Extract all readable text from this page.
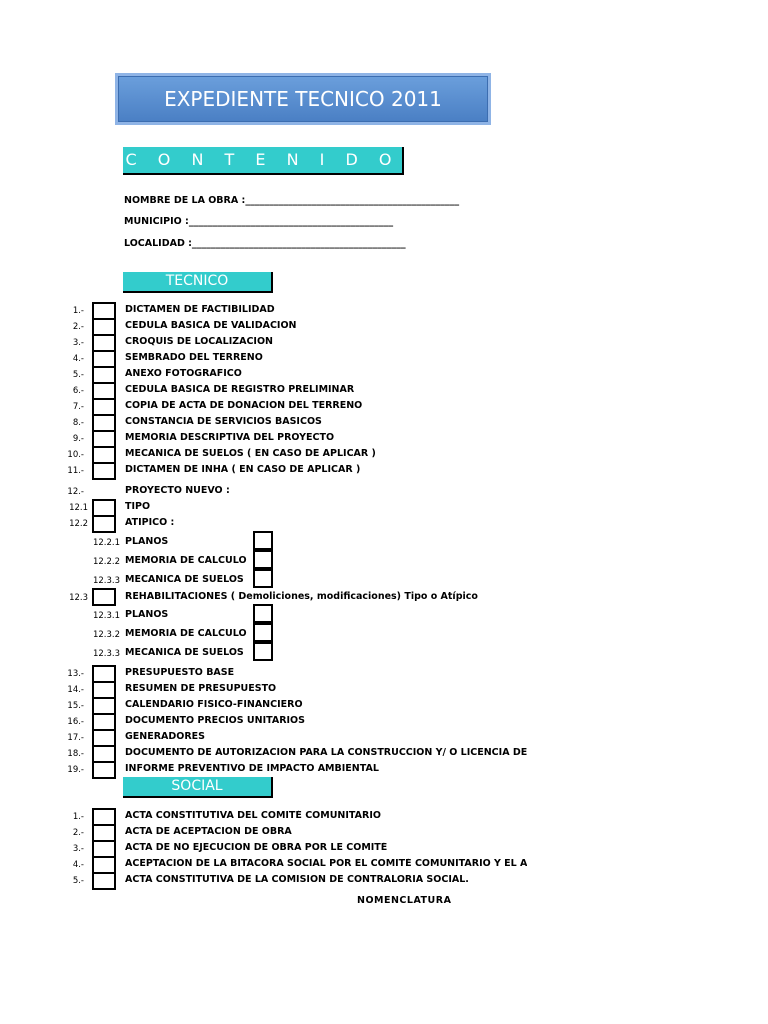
EXPEDIENTE TECNICO 2011
C O N T E N I D O
NOMBRE DE LA OBRA :_____________________________________________
MUNICIPIO :___________________________________________
LOCALIDAD :_____________________________________________
TECNICO
1.-	DICTAMEN DE FACTIBILIDAD
2.-	CEDULA BASICA DE VALIDACION
3.-	CROQUIS DE LOCALIZACION
4.-	SEMBRADO DEL TERRENO
5.-	ANEXO FOTOGRAFICO
6.-	CEDULA BASICA DE REGISTRO PRELIMINAR
7.-	COPIA DE ACTA DE DONACION DEL TERRENO
8.-	CONSTANCIA DE SERVICIOS BASICOS
9.-	MEMORIA DESCRIPTIVA DEL PROYECTO
10.-	MECANICA DE SUELOS ( EN CASO DE APLICAR )
11.-	DICTAMEN DE INHA ( EN CASO DE APLICAR )
12.-	PROYECTO NUEVO :
12.1	TIPO
12.2	ATIPICO :
12.2.1 PLANOS
12.2.2 MEMORIA DE CALCULO
12.3.3 MECANICA DE SUELOS
12.3	REHABILITACIONES ( Demoliciones, modificaciones) Tipo o Atípico
12.3.1 PLANOS
12.3.2 MEMORIA DE CALCULO
12.3.3 MECANICA DE SUELOS
13.-	PRESUPUESTO BASE
14.-	RESUMEN DE PRESUPUESTO
15.-	CALENDARIO FISICO-FINANCIERO
16.-	DOCUMENTO PRECIOS UNITARIOS
17.-	GENERADORES
18.-	DOCUMENTO DE AUTORIZACION PARA LA CONSTRUCCION Y/ O LICENCIA DE
19.-	INFORME PREVENTIVO DE IMPACTO AMBIENTAL
SOCIAL
1.-	ACTA CONSTITUTIVA DEL COMITÉ COMUNITARIO
2.-	ACTA DE ACEPTACION DE OBRA
3.-	ACTA DE NO EJECUCION DE OBRA POR LE COMITÉ
4.-	ACEPTACIÓN DE LA BITACORA SOCIAL POR EL COMITÉ COMUNITARIO Y EL A
5.-	ACTA CONSTITUTIVA DE LA COMISIÓN DE CONTRALORIA SOCIAL.
NOMENCLATURA
